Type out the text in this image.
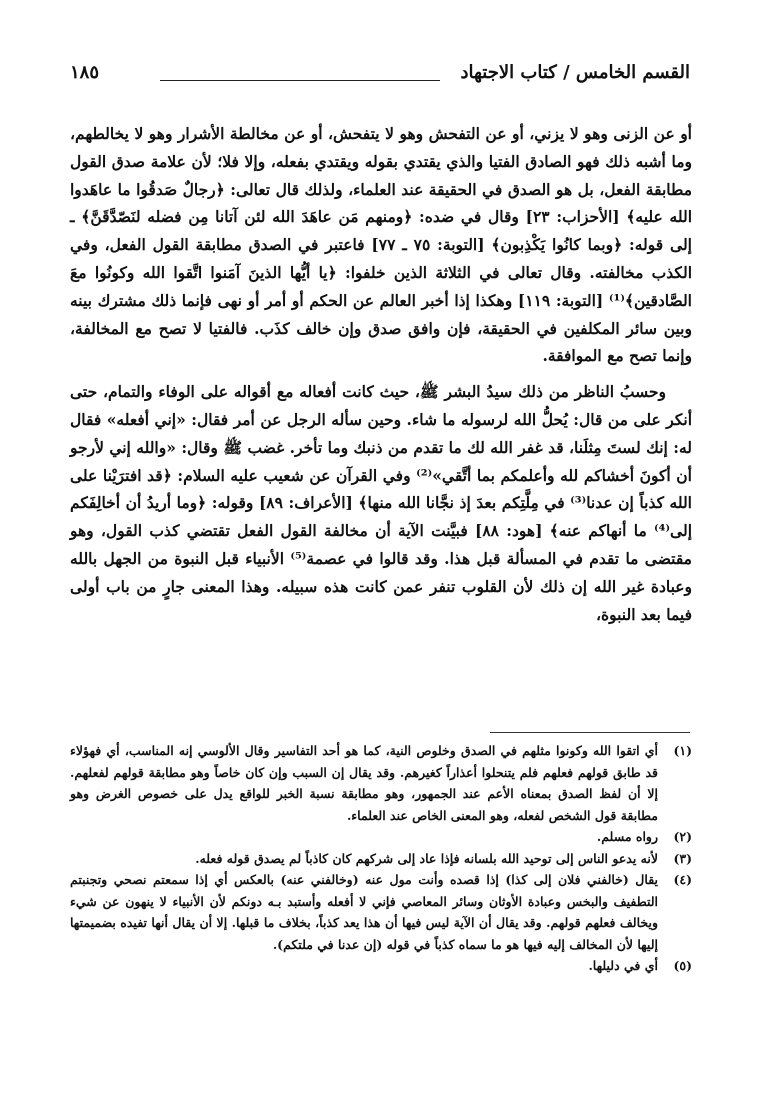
القسم الخامس / كتاب الاجتهاد
١٨٥

أو عن الزنى وهو لا يزني، أو عن التفحش وهو لا يتفحش، أو عن مخالطة الأشرار وهو لا يخالطهم، وما أشبه ذلك فهو الصادق الفتيا والذي يقتدي بقوله ويقتدي بفعله، وإلا فلا؛ لأن علامة صدق القول مطابقة الفعل، بل هو الصدق في الحقيقة عند العلماء، ولذلك قال تعالى: ﴿رجالٌ صَدقُوا ما عاهَدوا الله عليه﴾ [الأحزاب: ٢٣] وقال في ضده: ﴿ومنهم مَن عاهَدَ الله لئن آتانا مِن فضله لنَصّدَّقَنَّ﴾ ـ إلى قوله: ﴿وبما كانُوا يَكْذِبون﴾ [التوبة: ٧٥ ـ ٧٧] فاعتبر في الصدق مطابقة القول الفعل، وفي الكذب مخالفته. وقال تعالى في الثلاثة الذين خلفوا: ﴿يا أيُّها الذينَ آمَنوا اتَّقوا الله وكونُوا معَ الصَّادقين﴾⁽¹⁾ [التوبة: ١١٩] وهكذا إذا أخبر العالم عن الحكم أو أمر أو نهى فإنما ذلك مشترك بينه وبين سائر المكلفين في الحقيقة، فإن وافق صدق وإن خالف كذَب. فالفتيا لا تصح مع المخالفة، وإنما تصح مع الموافقة.

وحسبُ الناظر من ذلك سيدُ البشر ﷺ، حيث كانت أفعاله مع أقواله على الوفاء والتمام، حتى أنكر على من قال: يُحلُّ الله لرسوله ما شاء. وحين سأله الرجل عن أمر فقال: «إني أفعله» فقال له: إنك لستَ مِثلَنا، قد غفر الله لك ما تقدم من ذنبك وما تأخر. غضب ﷺ وقال: «والله إني لأرجو أن أكونَ أخشاكم لله وأعلمكم بما أتَّقي»⁽²⁾ وفي القرآن عن شعيب عليه السلام: ﴿قد افترَيْنا على الله كذباً إن عدنا⁽³⁾ في مِلَّتِكم بعدَ إذ نجَّانا الله منها﴾ [الأعراف: ٨٩] وقوله: ﴿وما أريدُ أن أخالِفَكم إلى⁽⁴⁾ ما أنهاكم عنه﴾ [هود: ٨٨] فبيَّنت الآية أن مخالفة القول الفعل تقتضي كذب القول، وهو مقتضى ما تقدم في المسألة قبل هذا. وقد قالوا في عصمة⁽⁵⁾ الأنبياء قبل النبوة من الجهل بالله وعبادة غير الله إن ذلك لأن القلوب تنفر عمن كانت هذه سبيله. وهذا المعنى جارٍ من باب أولى فيما بعد النبوة،

(١)
أي اتقوا الله وكونوا مثلهم في الصدق وخلوص النية، كما هو أحد التفاسير وقال الألوسي إنه المناسب، أي فهؤلاء قد طابق قولهم فعلهم فلم يتنحلوا أعذاراً كغيرهم. وقد يقال إن السبب وإن كان خاصاً وهو مطابقة قولهم لفعلهم. إلا أن لفظ الصدق بمعناه الأعم عند الجمهور، وهو مطابقة نسبة الخبر للواقع يدل على خصوص الغرض وهو مطابقة قول الشخص لفعله، وهو المعنى الخاص عند العلماء.
(٢)
رواه مسلم.
(٣)
لأنه يدعو الناس إلى توحيد الله بلسانه فإذا عاد إلى شركهم كان كاذباً لم يصدق قوله فعله.
(٤)
يقال (خالفني فلان إلى كذا) إذا قصده وأنت مول عنه (وخالفني عنه) بالعكس أي إذا سمعتم نصحي وتجنبتم التطفيف والبخس وعبادة الأوثان وسائر المعاصي فإني لا أفعله وأستبد بـه دونكم لأن الأنبياء لا ينهون عن شيء ويخالف فعلهم قولهم. وقد يقال أن الآية ليس فيها أن هذا يعد كذباً، بخلاف ما قبلها. إلا أن يقال أنها تفيده بضميمتها إليها لأن المخالف إليه فيها هو ما سماه كذباً في قوله (إن عدنا في ملتكم).
(٥)
أي في دليلها.
